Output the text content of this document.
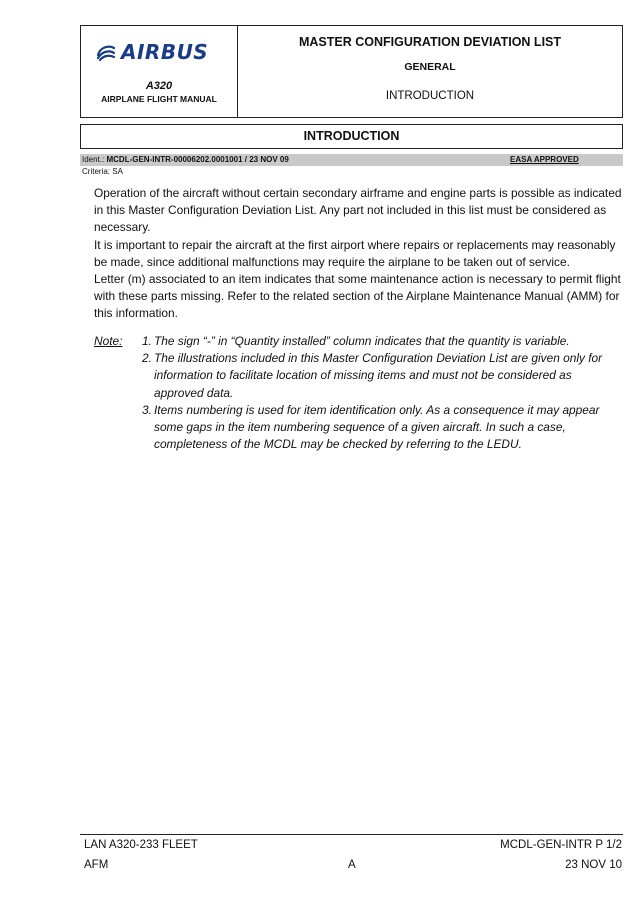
AIRBUS
A320
AIRPLANE FLIGHT MANUAL
MASTER CONFIGURATION DEVIATION LIST
GENERAL
INTRODUCTION
INTRODUCTION
Ident.: MCDL-GEN-INTR-00006202.0001001 / 23 NOV 09	EASA APPROVED
Criteria: SA

Operation of the aircraft without certain secondary airframe and engine parts is possible as indicated in this Master Configuration Deviation List. Any part not included in this list must be considered as necessary.

It is important to repair the aircraft at the first airport where repairs or replacements may reasonably be made, since additional malfunctions may require the airplane to be taken out of service.

Letter (m) associated to an item indicates that some maintenance action is necessary to permit flight with these parts missing. Refer to the related section of the Airplane Maintenance Manual (AMM) for this information.

Note: 1. The sign “-” in “Quantity installed” column indicates that the quantity is variable.
2. The illustrations included in this Master Configuration Deviation List are given only for information to facilitate location of missing items and must not be considered as approved data.
3. Items numbering is used for item identification only. As a consequence it may appear some gaps in the item numbering sequence of a given aircraft. In such a case, completeness of the MCDL may be checked by referring to the LEDU.
LAN A320-233 FLEET	MCDL-GEN-INTR P 1/2
AFM	A	23 NOV 10
